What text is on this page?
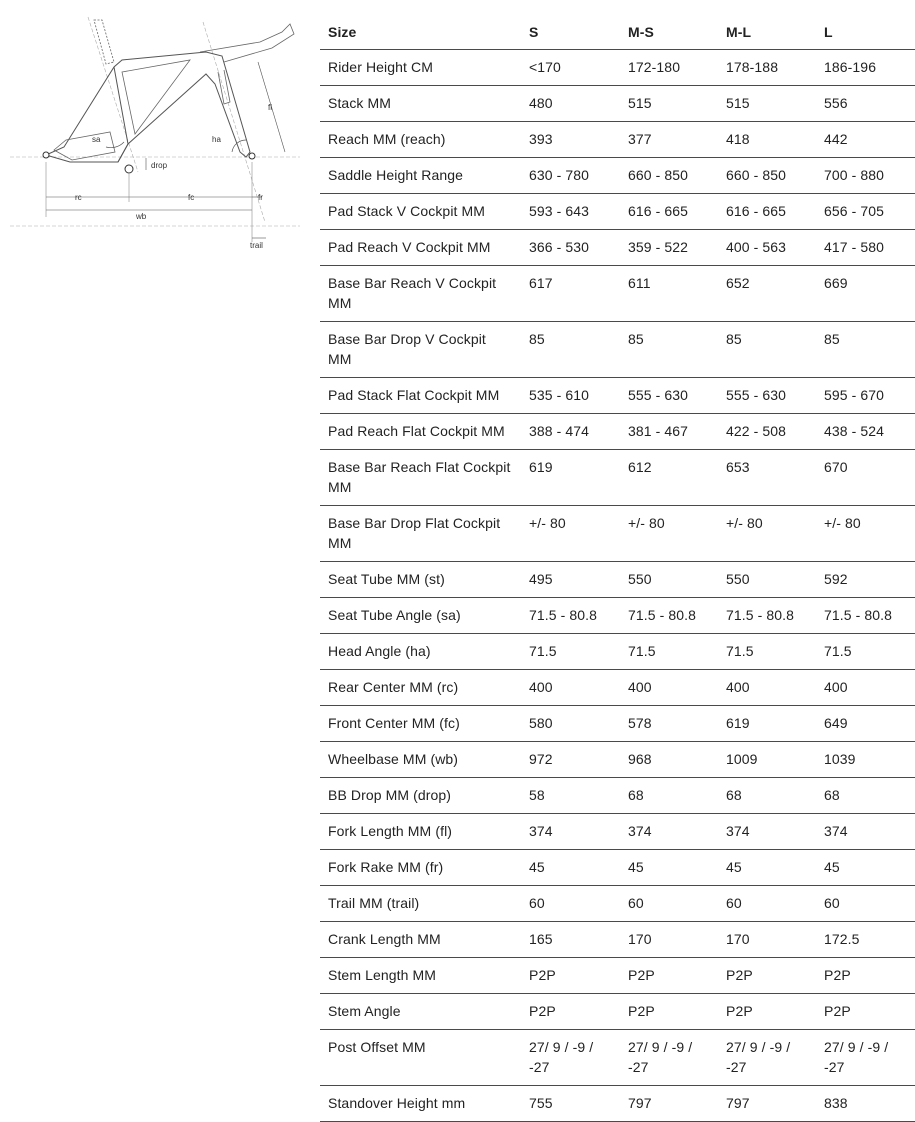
sa	ha
fl
drop
rc	fc
wb
fr
trail
Size	S	M-S	M-L	L
Rider Height CM	<170	172-180	178-188	186-196
Stack MM	480	515	515	556
Reach MM (reach)	393	377	418	442
Saddle Height Range	630 - 780	660 - 850	660 - 850	700 - 880
Pad Stack V Cockpit MM	593 - 643	616 - 665	616 - 665	656 - 705
Pad Reach V Cockpit MM	366 - 530	359 - 522	400 - 563	417 - 580
Base Bar Reach V Cockpit MM	617	611	652	669
Base Bar Drop V Cockpit MM	85	85	85	85
Pad Stack Flat Cockpit MM	535 - 610	555 - 630	555 - 630	595 - 670
Pad Reach Flat Cockpit MM	388 - 474	381 - 467	422 - 508	438 - 524
Base Bar Reach Flat Cockpit MM	619	612	653	670
Base Bar Drop Flat Cockpit MM	+/- 80	+/- 80	+/- 80	+/- 80
Seat Tube MM (st)	495	550	550	592
Seat Tube Angle (sa)	71.5 - 80.8	71.5 - 80.8	71.5 - 80.8	71.5 - 80.8
Head Angle (ha)	71.5	71.5	71.5	71.5
Rear Center MM (rc)	400	400	400	400
Front Center MM (fc)	580	578	619	649
Wheelbase MM (wb)	972	968	1009	1039
BB Drop MM (drop)	58	68	68	68
Fork Length MM (fl)	374	374	374	374
Fork Rake MM (fr)	45	45	45	45
Trail MM (trail)	60	60	60	60
Crank Length MM	165	170	170	172.5
Stem Length MM	P2P	P2P	P2P	P2P
Stem Angle	P2P	P2P	P2P	P2P
Post Offset MM	27/ 9 / -9 / -27	27/ 9 / -9 / -27	27/ 9 / -9 / -27	27/ 9 / -9 / -27
Standover Height mm	755	797	797	838
